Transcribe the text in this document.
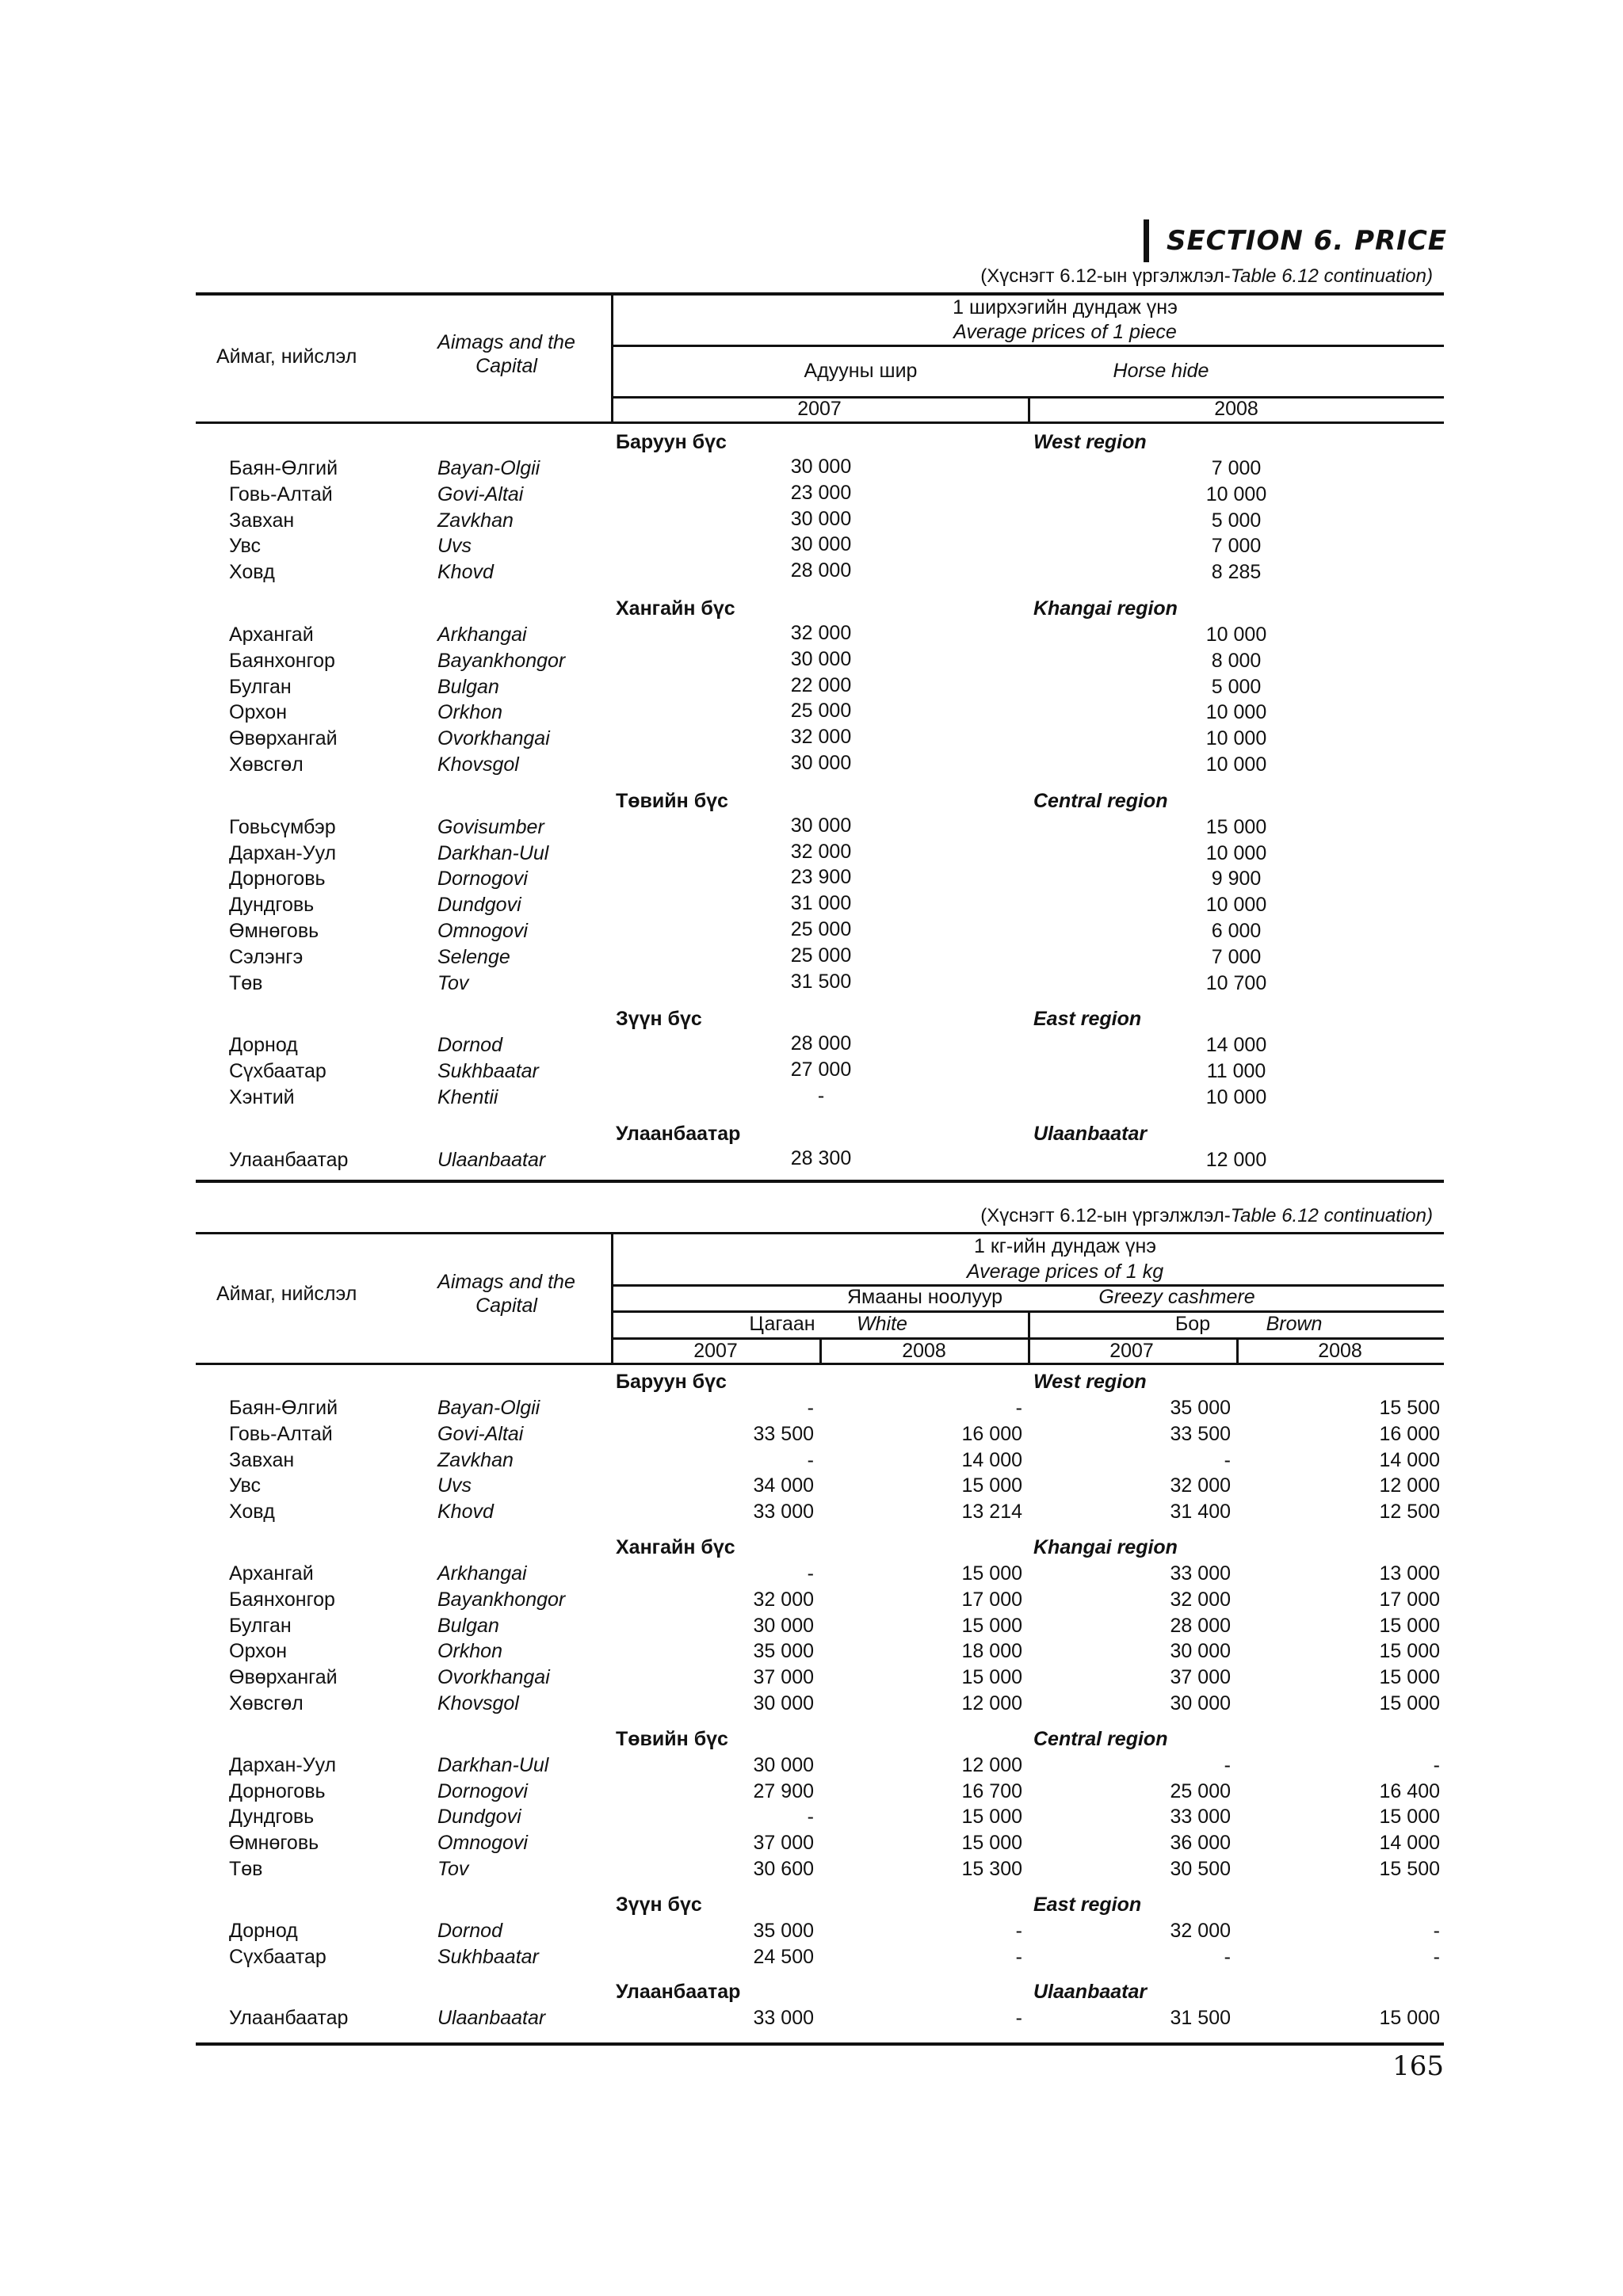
SECTION 6. PRICE
(Хүснэгт 6.12-ын үргэлжлэл-Table 6.12 continuation)
Аймаг, нийслэл
Aimags and the Capital
1 ширхэгийн дундаж үнэ
Average prices of 1 piece
Адууны шир	Horse hide
2007	2008
Баруун бүс	West region
Баян-Өлгий	Bayan-Olgii	30 000	7 000
Говь-Алтай	Govi-Altai	23 000	10 000
Завхан	Zavkhan	30 000	5 000
Увс	Uvs	30 000	7 000
Ховд	Khovd	28 000	8 285
Хангайн бүс	Khangai region
Архангай	Arkhangai	32 000	10 000
Баянхонгор	Bayankhongor	30 000	8 000
Булган	Bulgan	22 000	5 000
Орхон	Orkhon	25 000	10 000
Өвөрхангай	Ovorkhangai	32 000	10 000
Хөвсгөл	Khovsgol	30 000	10 000
Төвийн бүс	Central region
Говьсүмбэр	Govisumber	30 000	15 000
Дархан-Уул	Darkhan-Uul	32 000	10 000
Дорноговь	Dornogovi	23 900	9 900
Дундговь	Dundgovi	31 000	10 000
Өмнөговь	Omnogovi	25 000	6 000
Сэлэнгэ	Selenge	25 000	7 000
Төв	Tov	31 500	10 700
Зүүн бүс	East region
Дорнод	Dornod	28 000	14 000
Сүхбаатар	Sukhbaatar	27 000	11 000
Хэнтий	Khentii	-	10 000
Улаанбаатар	Ulaanbaatar
Улаанбаатар	Ulaanbaatar	28 300	12 000
(Хүснэгт 6.12-ын үргэлжлэл-Table 6.12 continuation)
Аймаг, нийслэл
Aimags and the Capital
1 кг-ийн дундаж үнэ
Average prices of 1 kg
Ямааны ноолуур	Greezy cashmere
Цагаан White	Бор	Brown
2007	2008	2007	2008
Баруун бүс	West region
Баян-Өлгий	Bayan-Olgii	-	-	35 000	15 500
Говь-Алтай	Govi-Altai	33 500	16 000	33 500	16 000
Завхан	Zavkhan	-	14 000	-	14 000
Увс	Uvs	34 000	15 000	32 000	12 000
Ховд	Khovd	33 000	13 214	31 400	12 500
Хангайн бүс	Khangai region
Архангай	Arkhangai	-	15 000	33 000	13 000
Баянхонгор	Bayankhongor	32 000	17 000	32 000	17 000
Булган	Bulgan	30 000	15 000	28 000	15 000
Орхон	Orkhon	35 000	18 000	30 000	15 000
Өвөрхангай	Ovorkhangai	37 000	15 000	37 000	15 000
Хөвсгөл	Khovsgol	30 000	12 000	30 000	15 000
Төвийн бүс	Central region
Дархан-Уул	Darkhan-Uul	30 000	12 000	-	-
Дорноговь	Dornogovi	27 900	16 700	25 000	16 400
Дундговь	Dundgovi	-	15 000	33 000	15 000
Өмнөговь	Omnogovi	37 000	15 000	36 000	14 000
Төв	Tov	30 600	15 300	30 500	15 500
Зүүн бүс	East region
Дорнод	Dornod	35 000	-	32 000	-
Сүхбаатар	Sukhbaatar	24 500	-	-	-
Улаанбаатар	Ulaanbaatar
Улаанбаатар	Ulaanbaatar	33 000	-	31 500	15 000
165
